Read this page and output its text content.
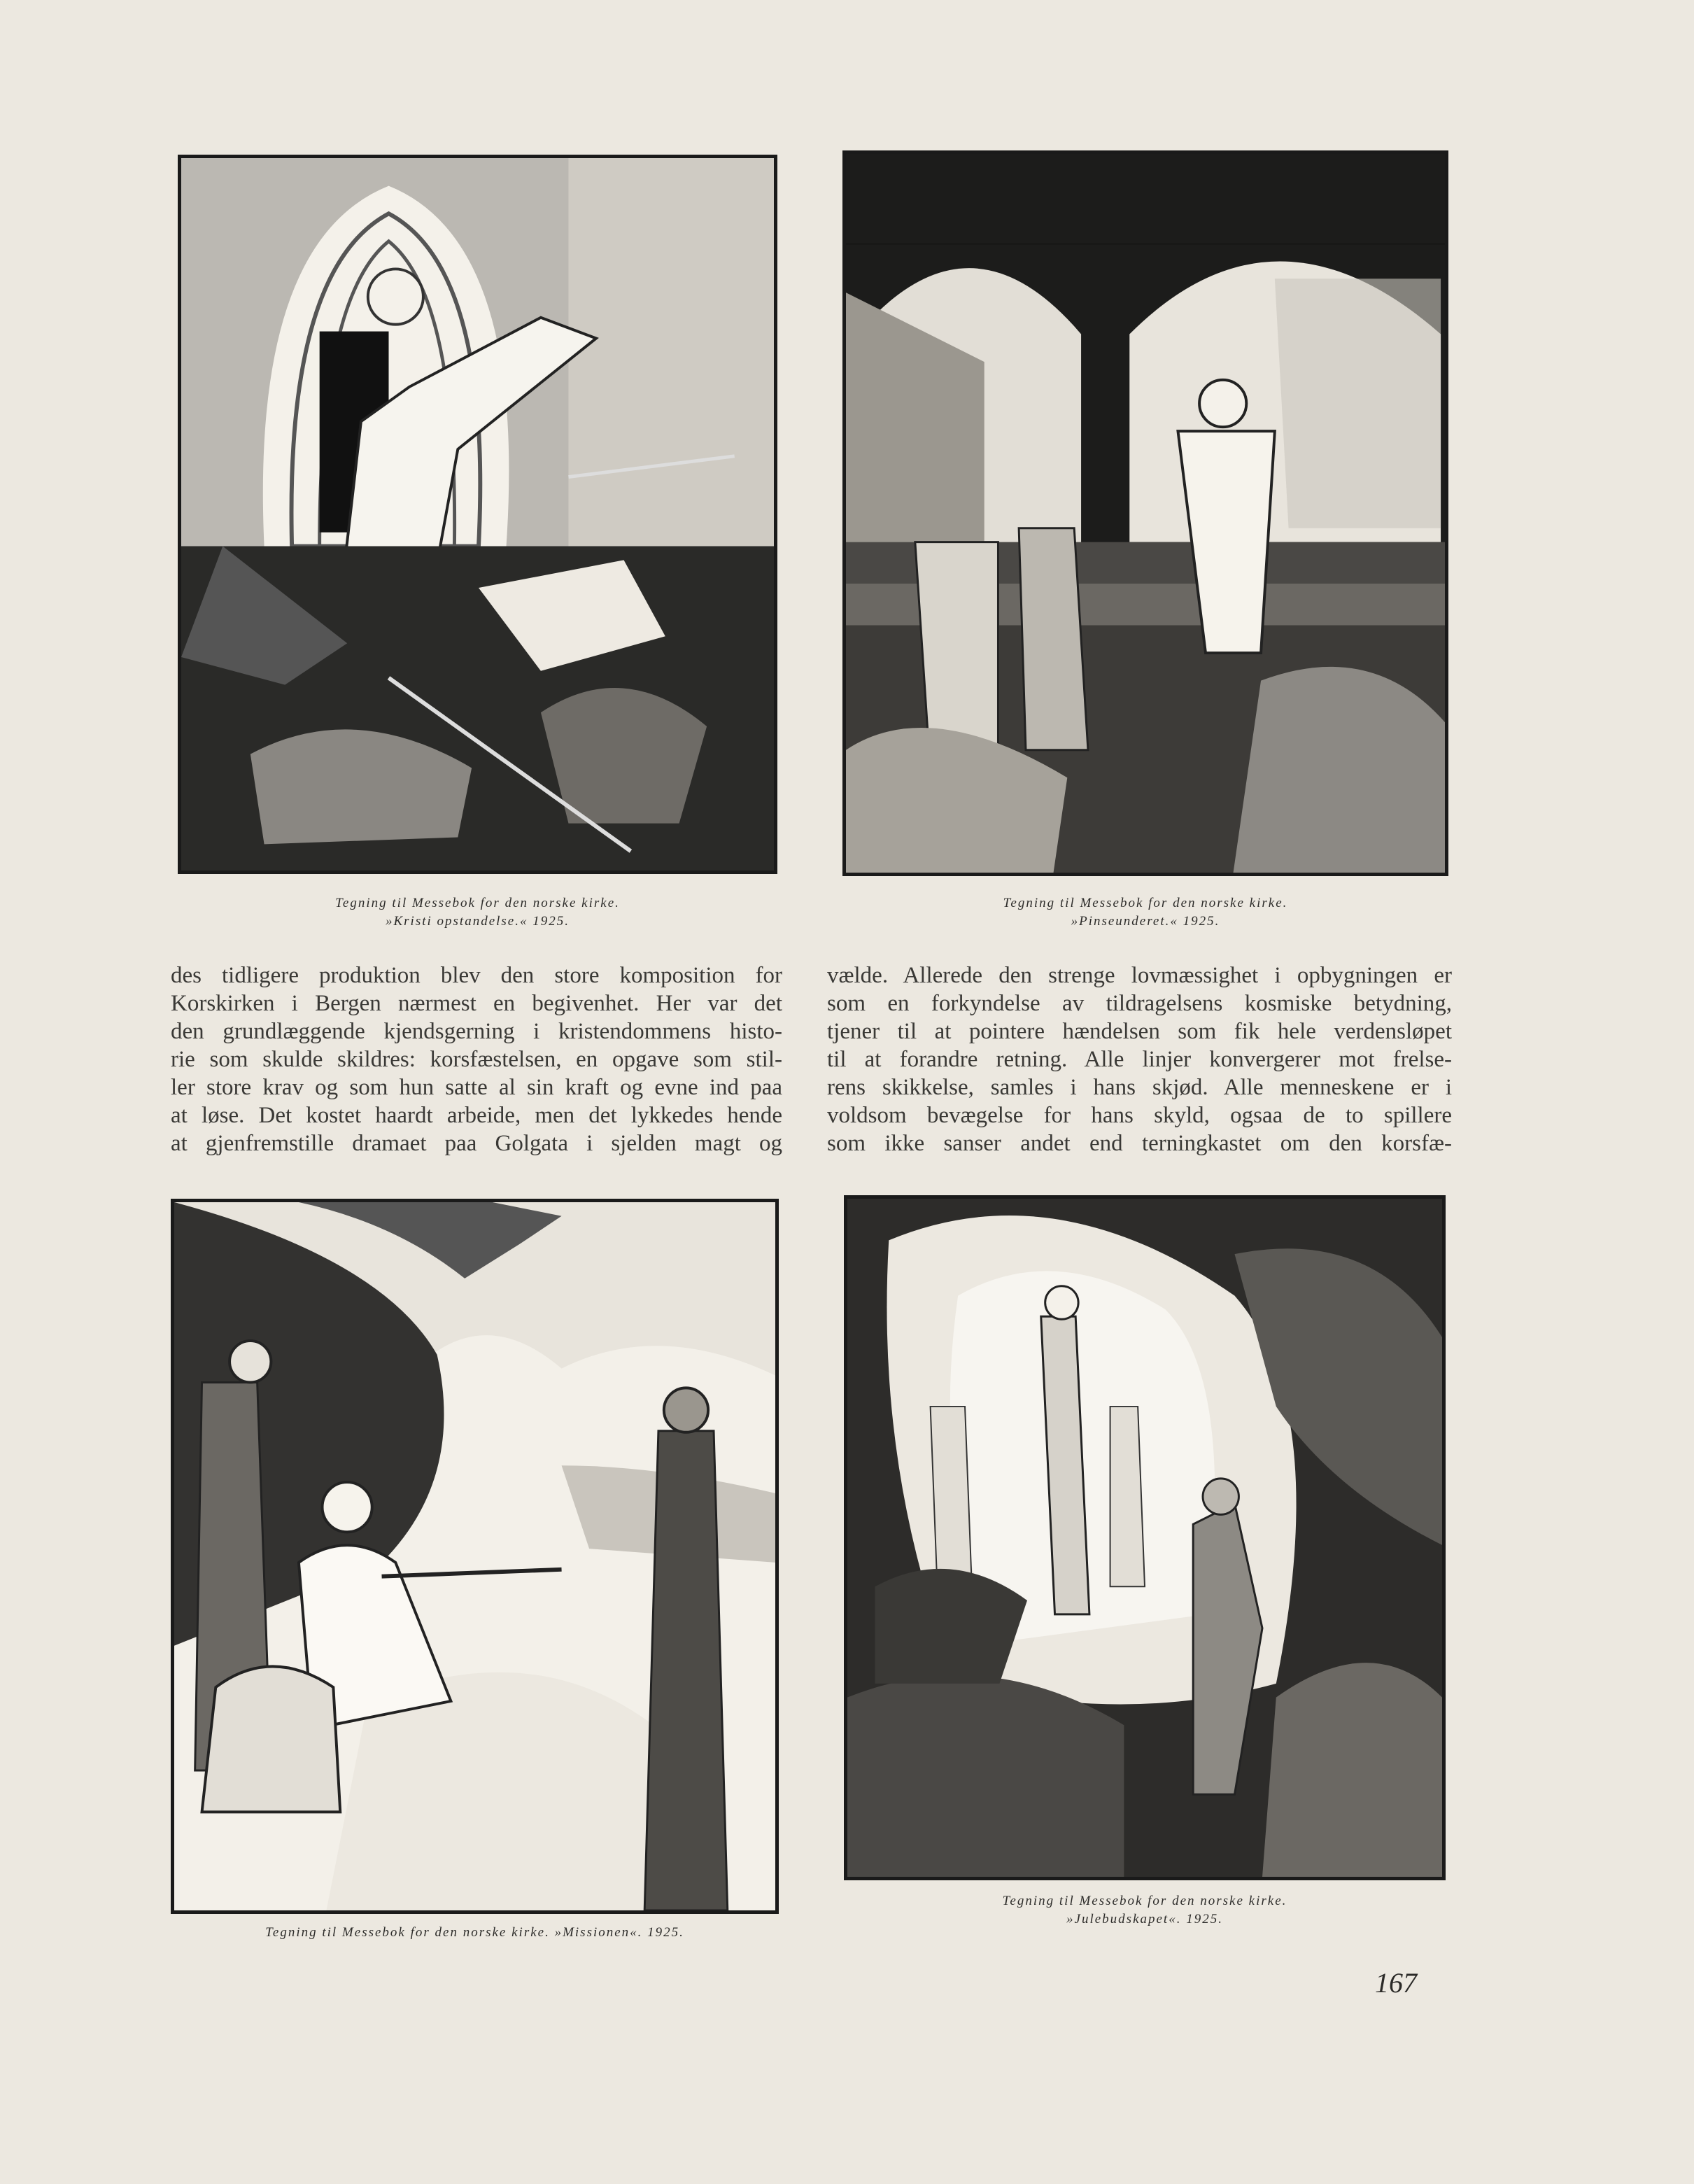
Tegning til Messebok for den norske kirke.
»Kristi opstandelse.« 1925.
Tegning til Messebok for den norske kirke.
»Pinseunderet.« 1925.
des tidligere produktion blev den store komposition for
Korskirken i Bergen nærmest en begivenhet. Her var det
den grundlæggende kjendsgerning i kristendommens histo-
rie som skulde skildres: korsfæstelsen, en opgave som stil-
ler store krav og som hun satte al sin kraft og evne ind paa
at løse. Det kostet haardt arbeide, men det lykkedes hende
at gjenfremstille dramaet paa Golgata i sjelden magt og
vælde. Allerede den strenge lovmæssighet i opbygningen er
som en forkyndelse av tildragelsens kosmiske betydning,
tjener til at pointere hændelsen som fik hele verdensløpet
til at forandre retning. Alle linjer konvergerer mot frelse-
rens skikkelse, samles i hans skjød. Alle menneskene er i
voldsom bevægelse for hans skyld, ogsaa de to spillere
som ikke sanser andet end terningkastet om den korsfæ-
Tegning til Messebok for den norske kirke. »Missionen«. 1925.
Tegning til Messebok for den norske kirke.
»Julebudskapet«. 1925.
167
